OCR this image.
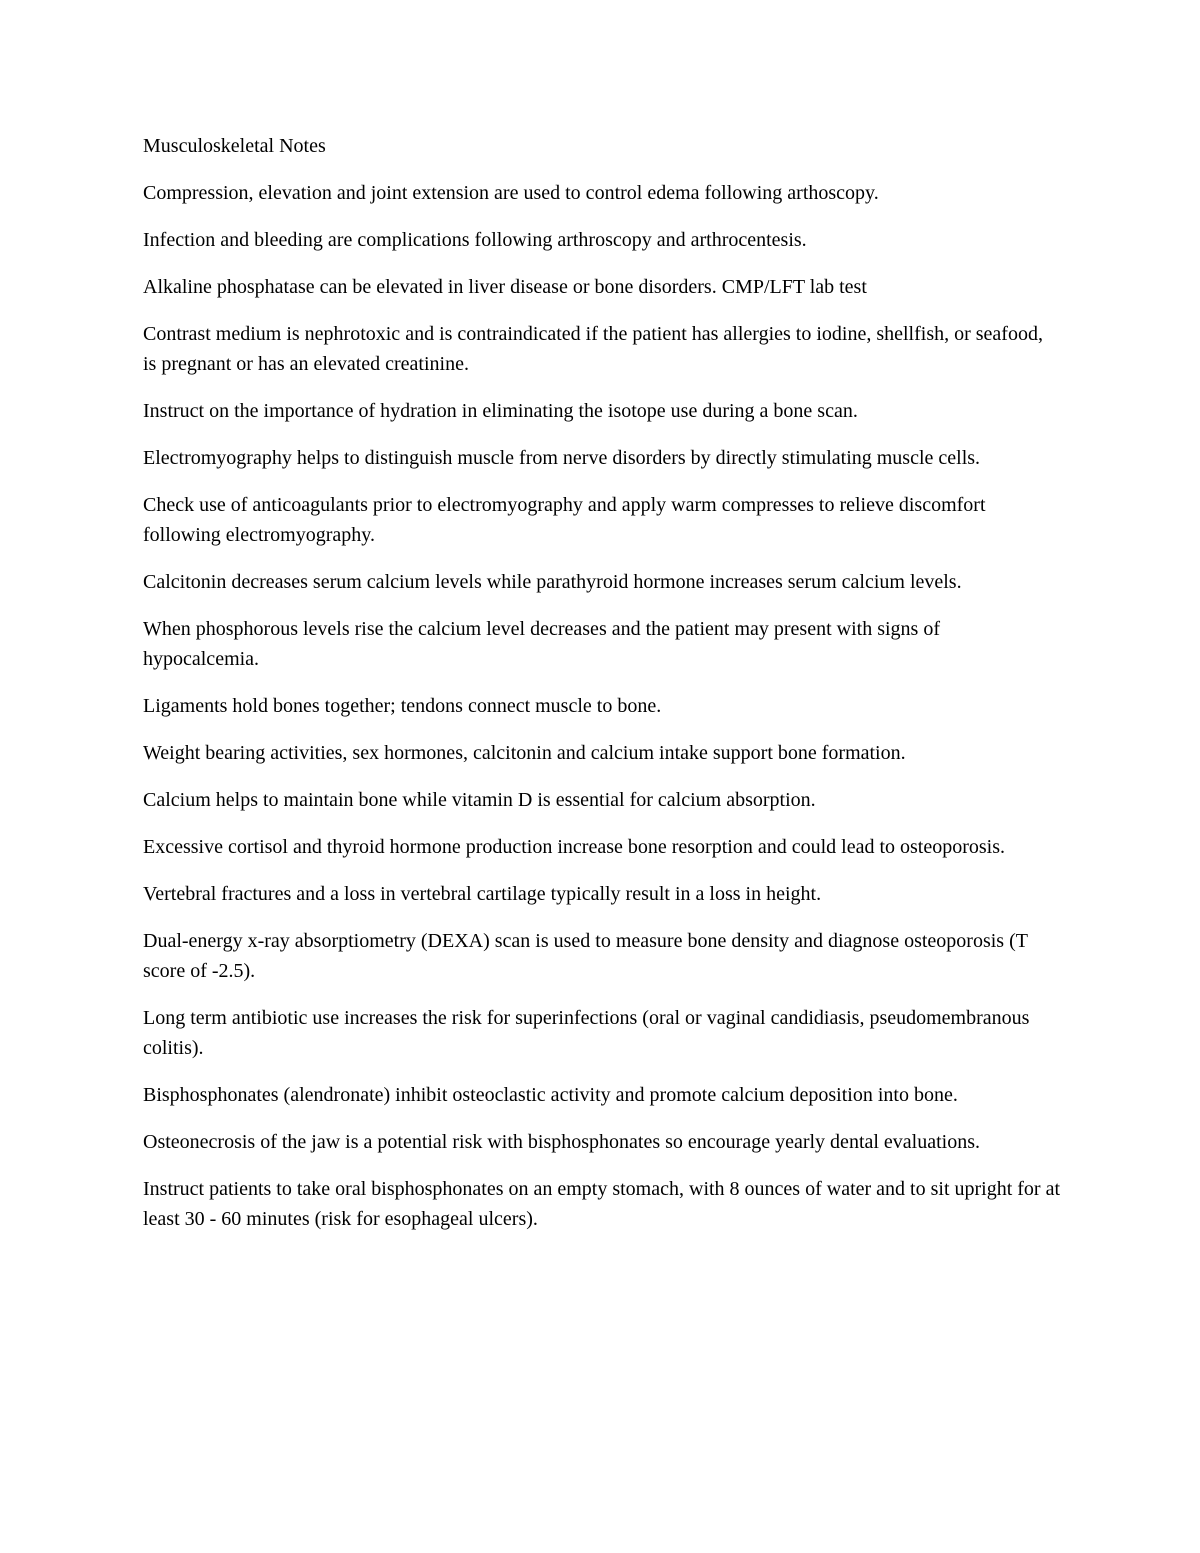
Musculoskeletal Notes

Compression, elevation and joint extension are used to control edema following arthoscopy.

Infection and bleeding are complications following arthroscopy and arthrocentesis.

Alkaline phosphatase can be elevated in liver disease or bone disorders. CMP/LFT lab test

Contrast medium is nephrotoxic and is contraindicated if the patient has allergies to iodine, shellfish, or seafood, is pregnant or has an elevated creatinine.

Instruct on the importance of hydration in eliminating the isotope use during a bone scan.

Electromyography helps to distinguish muscle from nerve disorders by directly stimulating muscle cells.

Check use of anticoagulants prior to electromyography and apply warm compresses to relieve discomfort following electromyography.

Calcitonin decreases serum calcium levels while parathyroid hormone increases serum calcium levels.

When phosphorous levels rise the calcium level decreases and the patient may present with signs of hypocalcemia.

Ligaments hold bones together; tendons connect muscle to bone.

Weight bearing activities, sex hormones, calcitonin and calcium intake support bone formation.

Calcium helps to maintain bone while vitamin D is essential for calcium absorption.

Excessive cortisol and thyroid hormone production increase bone resorption and could lead to osteoporosis.

Vertebral fractures and a loss in vertebral cartilage typically result in a loss in height.

Dual-energy x-ray absorptiometry (DEXA) scan is used to measure bone density and diagnose osteoporosis (T score of -2.5).

Long term antibiotic use increases the risk for superinfections (oral or vaginal candidiasis, pseudomembranous colitis).

Bisphosphonates (alendronate) inhibit osteoclastic activity and promote calcium deposition into bone.

Osteonecrosis of the jaw is a potential risk with bisphosphonates so encourage yearly dental evaluations.

Instruct patients to take oral bisphosphonates on an empty stomach, with 8 ounces of water and to sit upright for at least 30 - 60 minutes (risk for esophageal ulcers).
